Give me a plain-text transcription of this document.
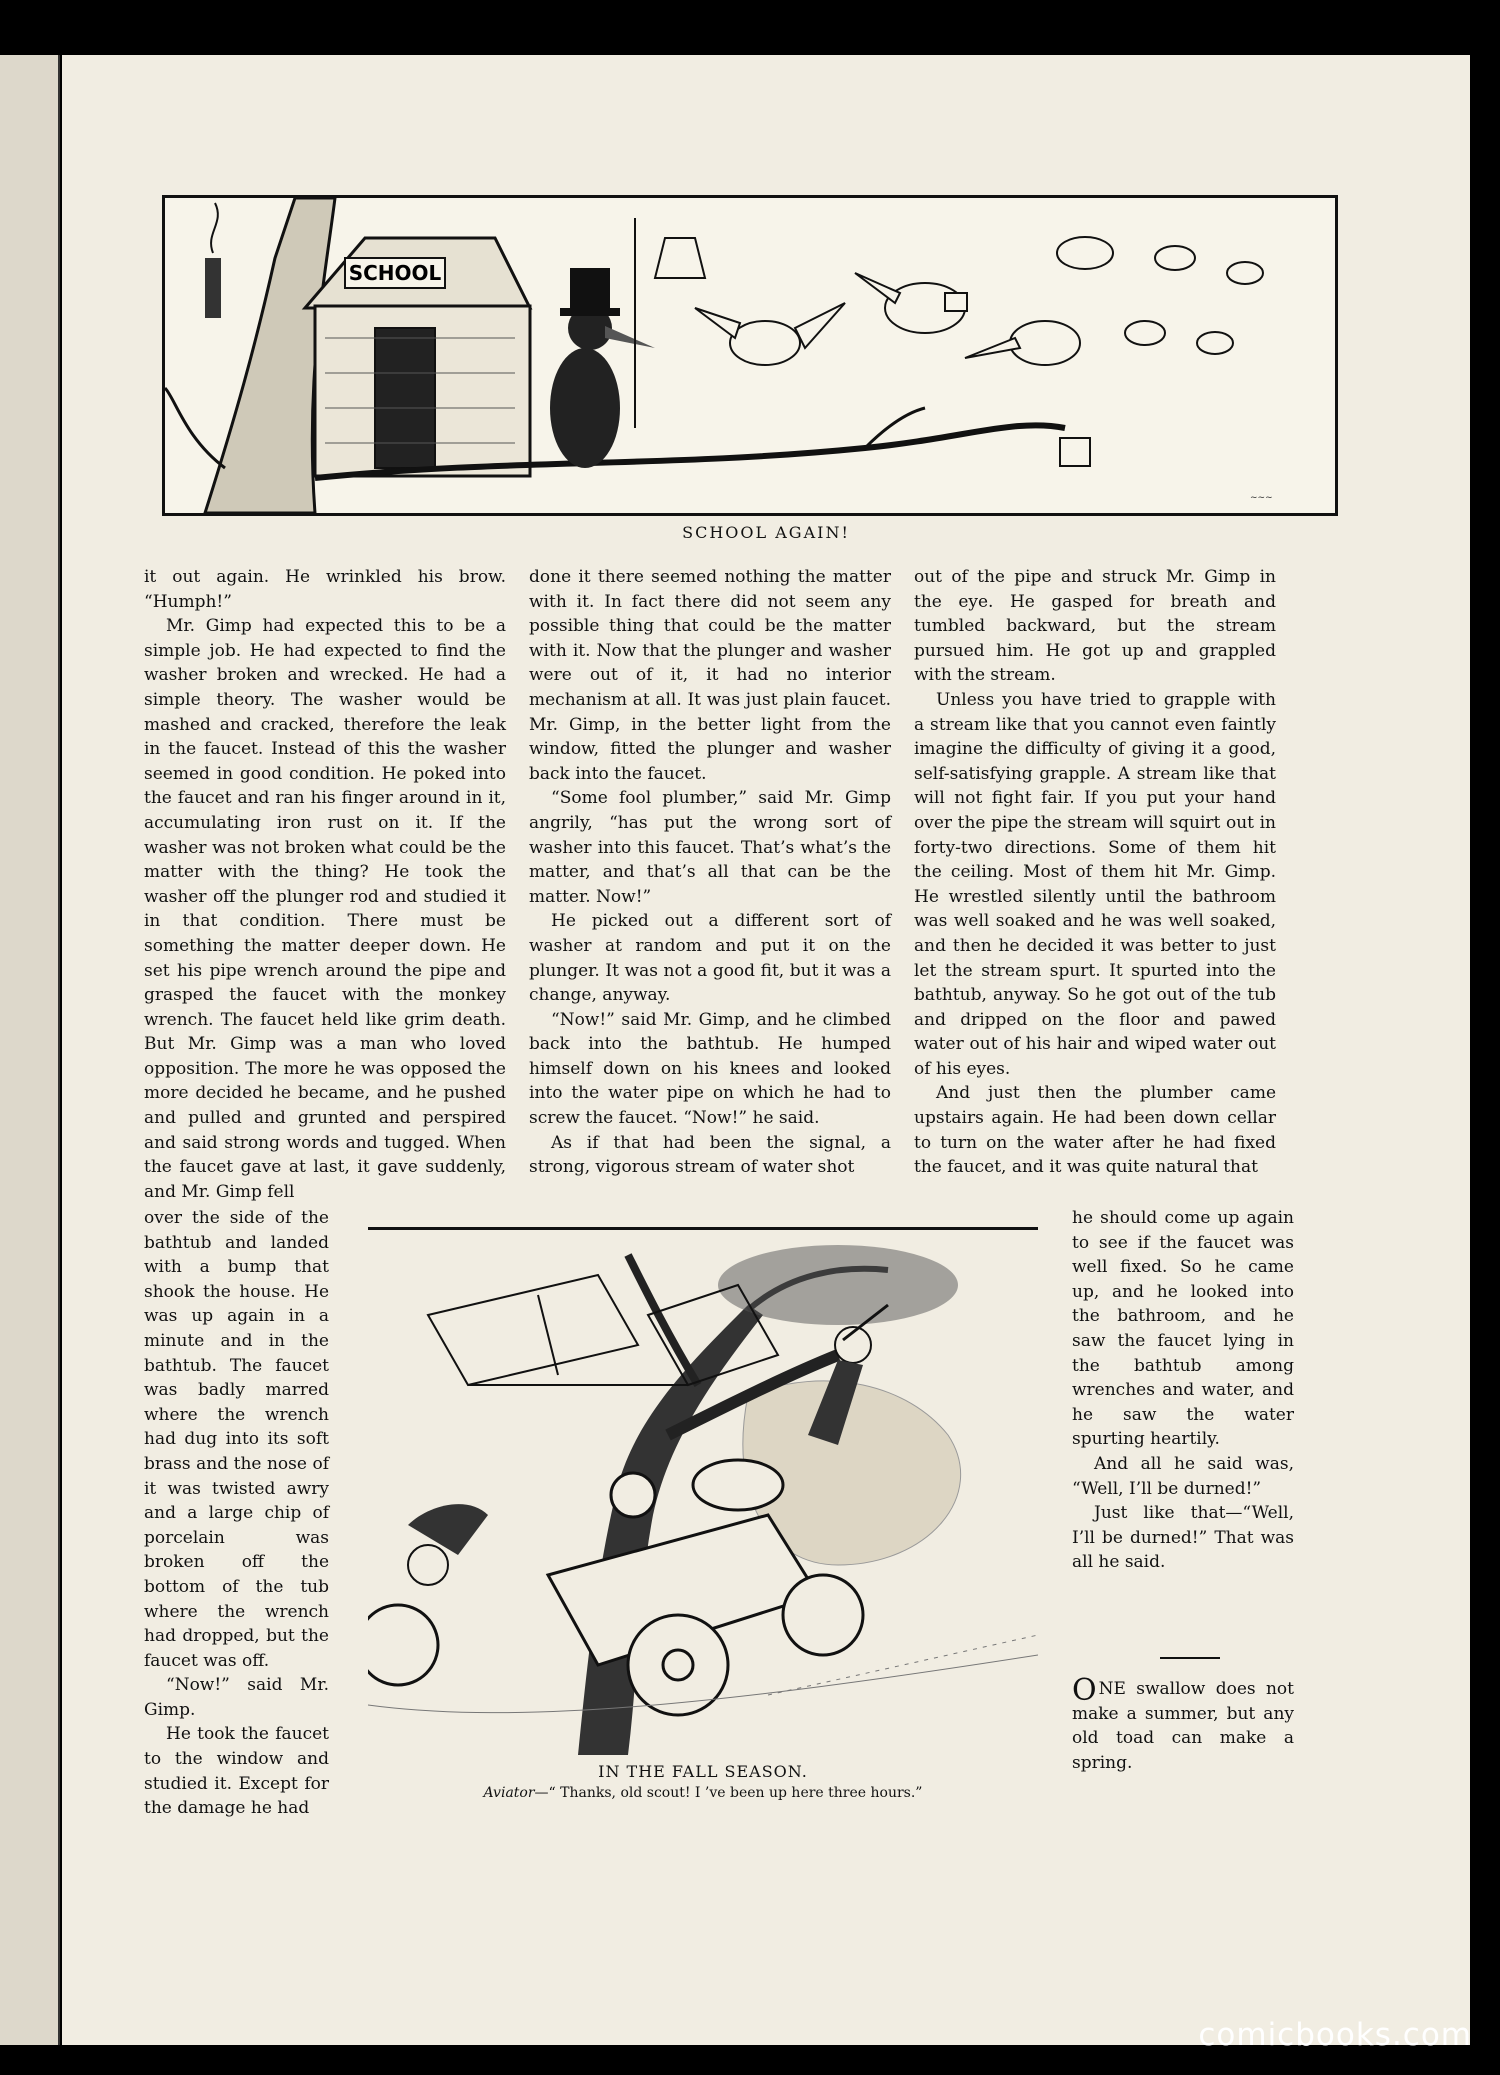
SCHOOL
~~~
SCHOOL AGAIN!

it out again. He wrinkled his brow. “Humph!”

Mr. Gimp had expected this to be a simple job. He had expected to find the washer broken and wrecked. He had a simple theory. The washer would be mashed and cracked, therefore the leak in the faucet. Instead of this the washer seemed in good condition. He poked into the faucet and ran his finger around in it, accumulating iron rust on it. If the washer was not broken what could be the matter with the thing? He took the washer off the plunger rod and studied it in that condition. There must be something the matter deeper down. He set his pipe wrench around the pipe and grasped the faucet with the monkey wrench. The faucet held like grim death. But Mr. Gimp was a man who loved opposition. The more he was opposed the more decided he became, and he pushed and pulled and grunted and perspired and said strong words and tugged. When the faucet gave at last, it gave suddenly, and Mr. Gimp fell

over the side of the bathtub and landed with a bump that shook the house. He was up again in a minute and in the bathtub. The faucet was badly marred where the wrench had dug into its soft brass and the nose of it was twisted awry and a large chip of porcelain was broken off the bottom of the tub where the wrench had dropped, but the faucet was off.

“Now!” said Mr. Gimp.

He took the faucet to the window and studied it. Except for the damage he had

done it there seemed nothing the matter with it. In fact there did not seem any possible thing that could be the matter with it. Now that the plunger and washer were out of it, it had no interior mechanism at all. It was just plain faucet. Mr. Gimp, in the better light from the window, fitted the plunger and washer back into the faucet.

“Some fool plumber,” said Mr. Gimp angrily, “has put the wrong sort of washer into this faucet. That’s what’s the matter, and that’s all that can be the matter. Now!”

He picked out a different sort of washer at random and put it on the plunger. It was not a good fit, but it was a change, anyway.

“Now!” said Mr. Gimp, and he climbed back into the bathtub. He humped himself down on his knees and looked into the water pipe on which he had to screw the faucet. “Now!” he said.

As if that had been the signal, a strong, vigorous stream of water shot

out of the pipe and struck Mr. Gimp in the eye. He gasped for breath and tumbled backward, but the stream pursued him. He got up and grappled with the stream.

Unless you have tried to grapple with a stream like that you cannot even faintly imagine the difficulty of giving it a good, self-satisfying grapple. A stream like that will not fight fair. If you put your hand over the pipe the stream will squirt out in forty-two directions. Some of them hit the ceiling. Most of them hit Mr. Gimp. He wrestled silently until the bathroom was well soaked and he was well soaked, and then he decided it was better to just let the stream spurt. It spurted into the bathtub, anyway. So he got out of the tub and dripped on the floor and pawed water out of his hair and wiped water out of his eyes.

And just then the plumber came upstairs again. He had been down cellar to turn on the water after he had fixed the faucet, and it was quite natural that

he should come up again to see if the faucet was well fixed. So he came up, and he looked into the bathroom, and he saw the faucet lying in the bathtub among wrenches and water, and he saw the water spurting heartily.

And all he said was, “Well, I’ll be durned!”

Just like that—“Well, I’ll be durned!” That was all he said.

ONE swallow does not make a summer, but any old toad can make a spring.

IN THE FALL SEASON.
Aviator—“ Thanks, old scout! I ’ve been up here three hours.”
comicbooks.com
